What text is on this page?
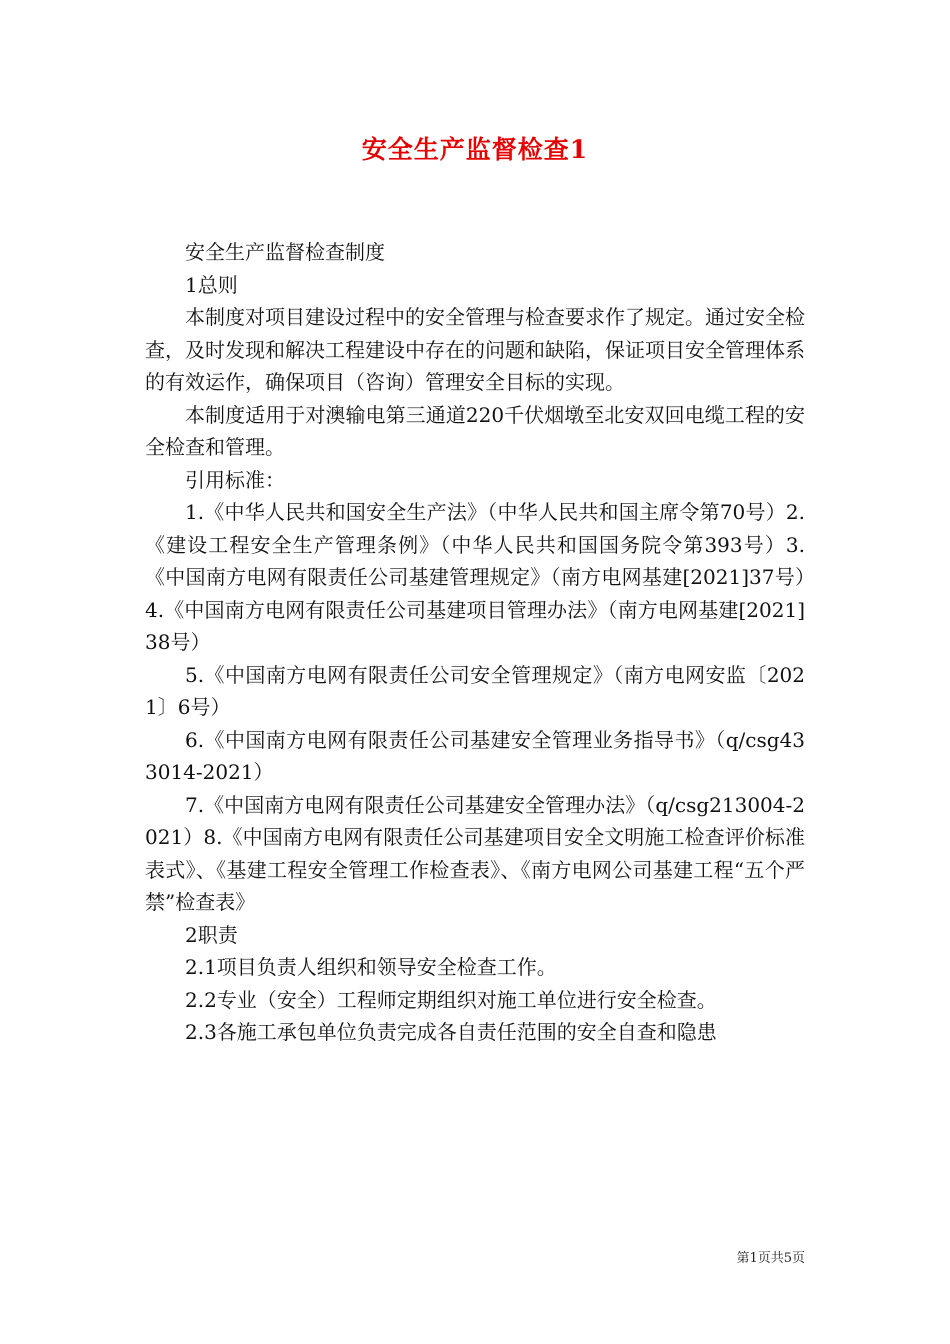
安全生产监督检查1

安全生产监督检查制度

1总则

本制度对项目建设过程中的安全管理与检查要求作了规定。通过安全检查，及时发现和解决工程建设中存在的问题和缺陷，保证项目安全管理体系的有效运作，确保项目（咨询）管理安全目标的实现。

本制度适用于对澳输电第三通道220千伏烟墩至北安双回电缆工程的安全检查和管理。

引用标准：

1.《中华人民共和国安全生产法》（中华人民共和国主席令第70号）2.《建设工程安全生产管理条例》（中华人民共和国国务院令第393号）3.《中国南方电网有限责任公司基建管理规定》（南方电网基建[2021]37号）4.《中国南方电网有限责任公司基建项目管理办法》（南方电网基建[2021]38号）

5.《中国南方电网有限责任公司安全管理规定》（南方电网安监〔2021〕6号）

6.《中国南方电网有限责任公司基建安全管理业务指导书》（q/csg433014-2021）

7.《中国南方电网有限责任公司基建安全管理办法》（q/csg213004-2021）8.《中国南方电网有限责任公司基建项目安全文明施工检查评价标准表式》、《基建工程安全管理工作检查表》、《南方电网公司基建工程“五个严禁”检查表》

2职责

2.1项目负责人组织和领导安全检查工作。

2.2专业（安全）工程师定期组织对施工单位进行安全检查。

2.3各施工承包单位负责完成各自责任范围的安全自查和隐患

第1页共5页
